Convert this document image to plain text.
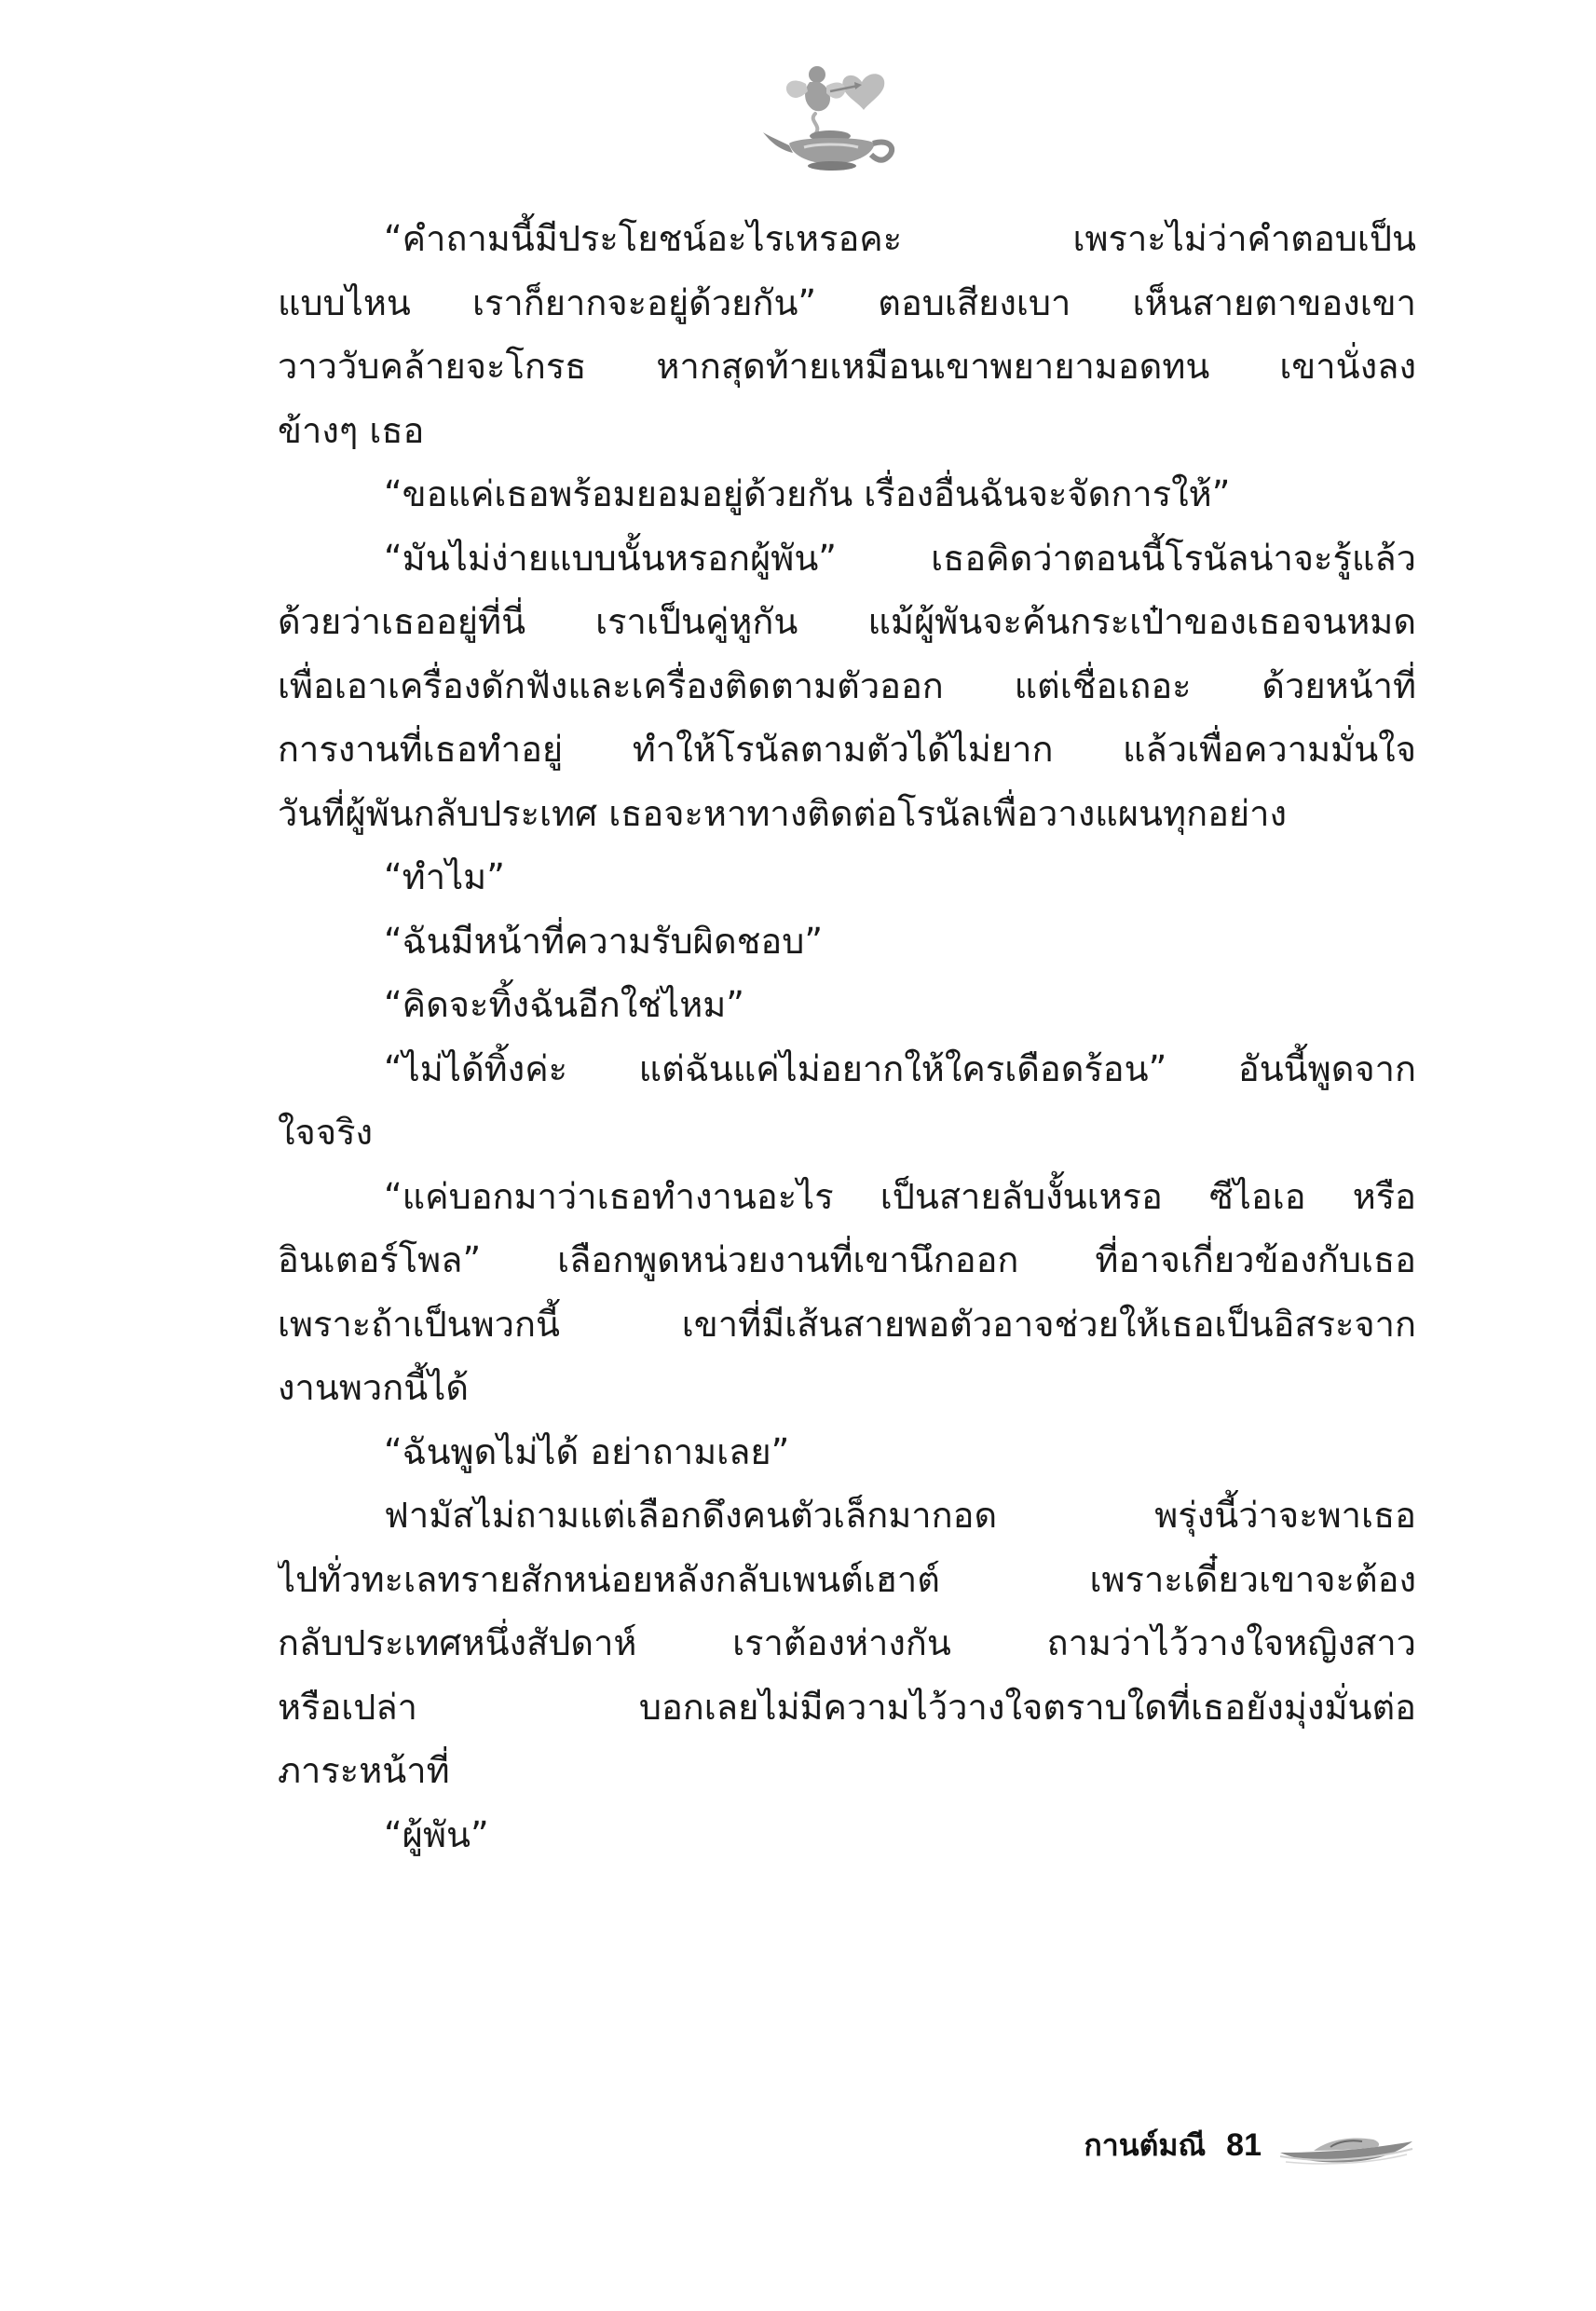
“คำถามนี้มีประโยชน์อะไรเหรอคะ เพราะไม่ว่าคำตอบเป็น
แบบไหน เราก็ยากจะอยู่ด้วยกัน” ตอบเสียงเบา เห็นสายตาของเขา
วาววับคล้ายจะโกรธ หากสุดท้ายเหมือนเขาพยายามอดทน เขานั่งลง
ข้างๆ เธอ
“ขอแค่เธอพร้อมยอมอยู่ด้วยกัน เรื่องอื่นฉันจะจัดการให้”
“มันไม่ง่ายแบบนั้นหรอกผู้พัน” เธอคิดว่าตอนนี้โรนัลน่าจะรู้แล้ว
ด้วยว่าเธออยู่ที่นี่ เราเป็นคู่หูกัน แม้ผู้พันจะค้นกระเป๋าของเธอจนหมด
เพื่อเอาเครื่องดักฟังและเครื่องติดตามตัวออก แต่เชื่อเถอะ ด้วยหน้าที่
การงานที่เธอทำอยู่ ทำให้โรนัลตามตัวได้ไม่ยาก แล้วเพื่อความมั่นใจ
วันที่ผู้พันกลับประเทศ เธอจะหาทางติดต่อโรนัลเพื่อวางแผนทุกอย่าง
“ทำไม”
“ฉันมีหน้าที่ความรับผิดชอบ”
“คิดจะทิ้งฉันอีกใช่ไหม”
“ไม่ได้ทิ้งค่ะ แต่ฉันแค่ไม่อยากให้ใครเดือดร้อน” อันนี้พูดจาก
ใจจริง
“แค่บอกมาว่าเธอทำงานอะไร เป็นสายลับงั้นเหรอ ซีไอเอ หรือ
อินเตอร์โพล” เลือกพูดหน่วยงานที่เขานึกออก ที่อาจเกี่ยวข้องกับเธอ
เพราะถ้าเป็นพวกนี้ เขาที่มีเส้นสายพอตัวอาจช่วยให้เธอเป็นอิสระจาก
งานพวกนี้ได้
“ฉันพูดไม่ได้ อย่าถามเลย”
ฟามัสไม่ถามแต่เลือกดึงคนตัวเล็กมากอด พรุ่งนี้ว่าจะพาเธอ
ไปทั่วทะเลทรายสักหน่อยหลังกลับเพนต์เฮาต์ เพราะเดี๋ยวเขาจะต้อง
กลับประเทศหนึ่งสัปดาห์ เราต้องห่างกัน ถามว่าไว้วางใจหญิงสาว
หรือเปล่า บอกเลยไม่มีความไว้วางใจตราบใดที่เธอยังมุ่งมั่นต่อ
ภาระหน้าที่
“ผู้พัน”
กานต์มณี 81
